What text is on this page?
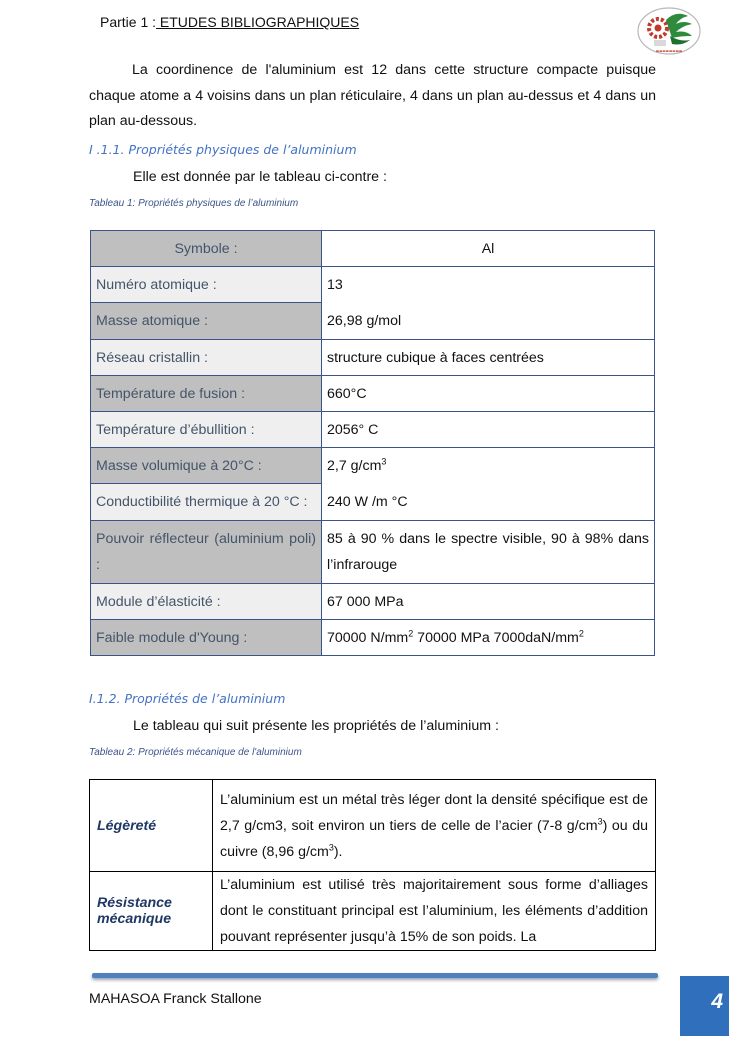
Partie 1 : ETUDES BIBLIOGRAPHIQUES
▬▬▬▬▬▬▬▬
La coordinence de l'aluminium est 12 dans cette structure compacte puisque chaque atome a 4 voisins dans un plan réticulaire, 4 dans un plan au-dessus et 4 dans un plan au-dessous.
I .1.1. Propriétés physiques de l’aluminium
Elle est donnée par le tableau ci-contre :
Tableau 1: Propriétés physiques de l’aluminium
Symbole :	Al
Numéro atomique :	13
Masse atomique :	26,98 g/mol
Réseau cristallin :	structure cubique à faces centrées
Température de fusion :	660°C
Température d’ébullition :	2056° C
Masse volumique à 20°C :	2,7 $g/cm^3$
Conductibilité thermique à 20 °C :	240 W /m °C
Pouvoir réflecteur (aluminium poli) :	85 à 90 % dans le spectre visible, 90 à 98% dans l’infrarouge
Module d’élasticité :	67 000 MPa
Faible module d'Young :	70000 $N/mm^2$ 70000 MPa $7000daN/mm^2$
I.1.2. Propriétés de l’aluminium
Le tableau qui suit présente les propriétés de l’aluminium :
Tableau 2: Propriétés mécanique de l'aluminium
Légèreté	L’aluminium est un métal très léger dont la densité spécifique est de 2,7 g/cm3, soit environ un tiers de celle de l’acier (7-8 $g/cm^3$) ou du cuivre (8,96 $g/cm^3$).
Résistance mécanique	L’aluminium est utilisé très majoritairement sous forme d’alliages dont le constituant principal est l’aluminium, les éléments d’addition pouvant représenter jusqu’à 15% de son poids. La
MAHASOA Franck Stallone	4
